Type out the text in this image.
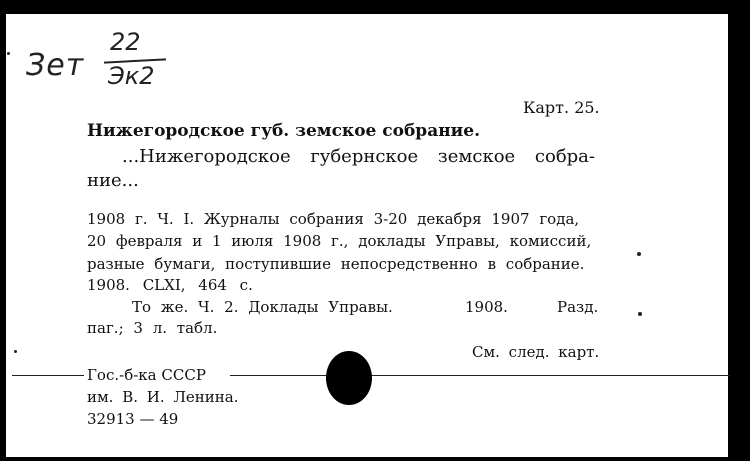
Зет
22
Эк2
Карт. 25.
Нижегородское губ. земское собрание.
...Нижегородское губернское земское собра-
ние...
1908 г. Ч. I. Журналы собрания 3-20 декабря 1907 года,
20 февраля и 1 июля 1908 г., доклады Управы, комиссий,
разные бумаги, поступившие непосредственно в собрание.
1908. CLXI, 464 с.
То же. Ч. 2. Доклады Управы.	1908.	Разд.
паг.; 3 л. табл.
См. след. карт.
Гос.-б-ка СССР
им. В. И. Ленина.
32913 — 49
